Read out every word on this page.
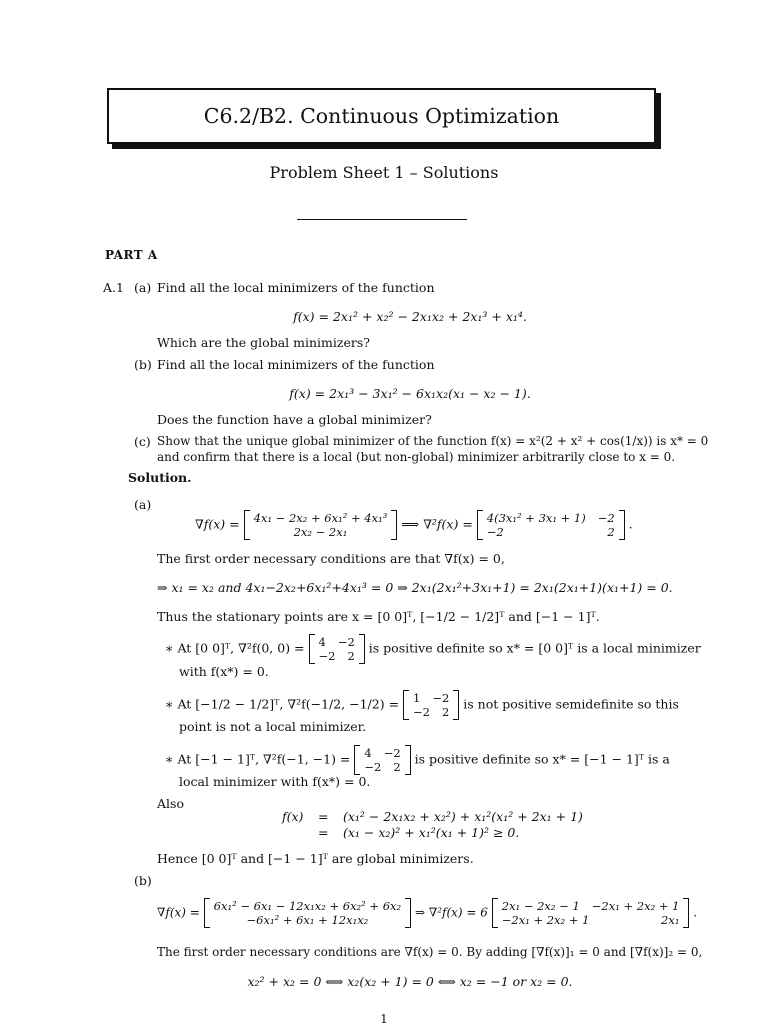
C6.2/B2. Continuous Optimization
Problem Sheet 1 – Solutions
PART A
A.1 (a) Find all the local minimizers of the function
f(x) = 2x₁² + x₂² − 2x₁x₂ + 2x₁³ + x₁⁴.
Which are the global minimizers?
(b) Find all the local minimizers of the function
f(x) = 2x₁³ − 3x₁² − 6x₁x₂(x₁ − x₂ − 1).
Does the function have a global minimizer?
(c) Show that the unique global minimizer of the function f(x) = x²(2 + x² + cos(1/x)) is x* = 0
and confirm that there is a local (but non-global) minimizer arbitrarily close to x = 0.
Solution.
(a)
∇f(x) = 4x₁ − 2x₂ + 6x₁² + 4x₁³
2x₂ − 2x₁
⟹ ∇²f(x) = 4(3x₁² + 3x₁ + 1) −2
−2	2
.
The first order necessary conditions are that ∇f(x) = 0,
⇒ x₁ = x₂ and 4x₁−2x₂+6x₁²+4x₁³ = 0 ⇒ 2x₁(2x₁²+3x₁+1) = 2x₁(2x₁+1)(x₁+1) = 0.
Thus the stationary points are x = [0 0]ᵀ, [−1/2 − 1/2]ᵀ and [−1 − 1]ᵀ.
∗ At [0 0]ᵀ, ∇²f(0, 0) = 4 −2
−2 2
is positive definite so x* = [0 0]ᵀ is a local minimizer
with f(x*) = 0.
∗ At [−1/2 − 1/2]ᵀ, ∇²f(−1/2, −1/2) = 1 −2
−2 2
is not positive semidefinite so this
point is not a local minimizer.
∗ At [−1 − 1]ᵀ, ∇²f(−1, −1) = 4 −2
−2 2
is positive definite so x* = [−1 − 1]ᵀ is a
local minimizer with f(x*) = 0.
Also
f(x) = (x₁² − 2x₁x₂ + x₂²) + x₁²(x₁² + 2x₁ + 1)
= (x₁ − x₂)² + x₁²(x₁ + 1)² ≥ 0.
Hence [0 0]ᵀ and [−1 − 1]ᵀ are global minimizers.
(b)
∇f(x) = 6x₁² − 6x₁ − 12x₁x₂ + 6x₂² + 6x₂
−6x₁² + 6x₁ + 12x₁x₂
⇒ ∇²f(x) = 6 2x₁ − 2x₂ − 1 −2x₁ + 2x₂ + 1
−2x₁ + 2x₂ + 1	2x₁
.
The first order necessary conditions are ∇f(x) = 0. By adding [∇f(x)]₁ = 0 and [∇f(x)]₂ = 0,
x₂² + x₂ = 0 ⟺ x₂(x₂ + 1) = 0 ⟺ x₂ = −1 or x₂ = 0.
1
